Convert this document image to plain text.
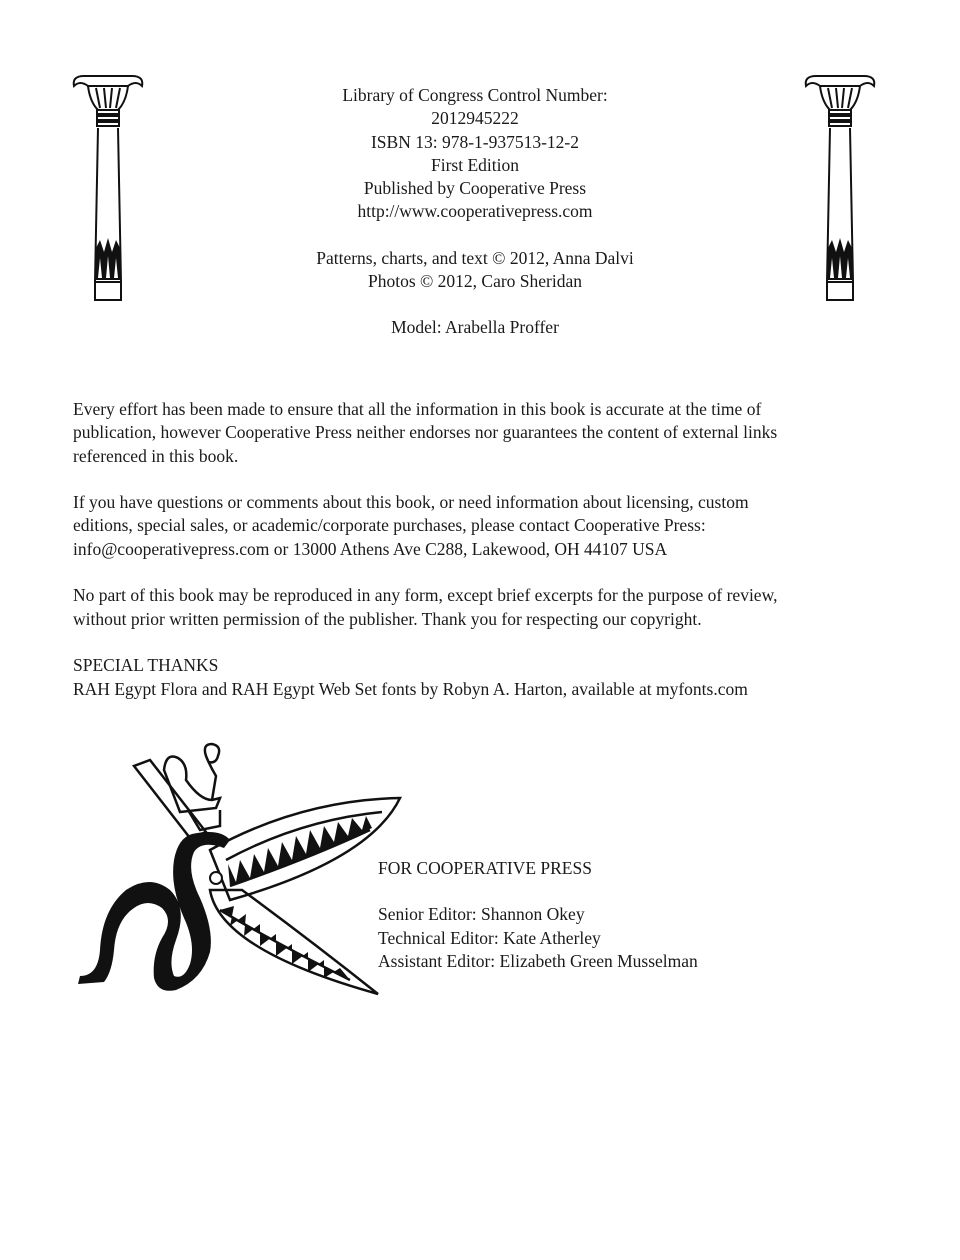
Library of Congress Control Number:
2012945222
ISBN 13: 978-1-937513-12-2
First Edition
Published by Cooperative Press
http://www.cooperativepress.com
Patterns, charts, and text © 2012, Anna Dalvi
Photos © 2012, Caro Sheridan
Model: Arabella Proffer

Every effort has been made to ensure that all the information in this book is accurate at the time of
publication, however Cooperative Press neither endorses nor guarantees the content of external links
referenced in this book.

If you have questions or comments about this book, or need information about licensing, custom
editions, special sales, or academic/corporate purchases, please contact Cooperative Press:
info@cooperativepress.com or 13000 Athens Ave C288, Lakewood, OH 44107 USA

No part of this book may be reproduced in any form, except brief excerpts for the purpose of review,
without prior written permission of the publisher. Thank you for respecting our copyright.

SPECIAL THANKS
RAH Egypt Flora and RAH Egypt Web Set fonts by Robyn A. Harton, available at myfonts.com

FOR COOPERATIVE PRESS
Senior Editor: Shannon Okey
Technical Editor: Kate Atherley
Assistant Editor: Elizabeth Green Musselman
